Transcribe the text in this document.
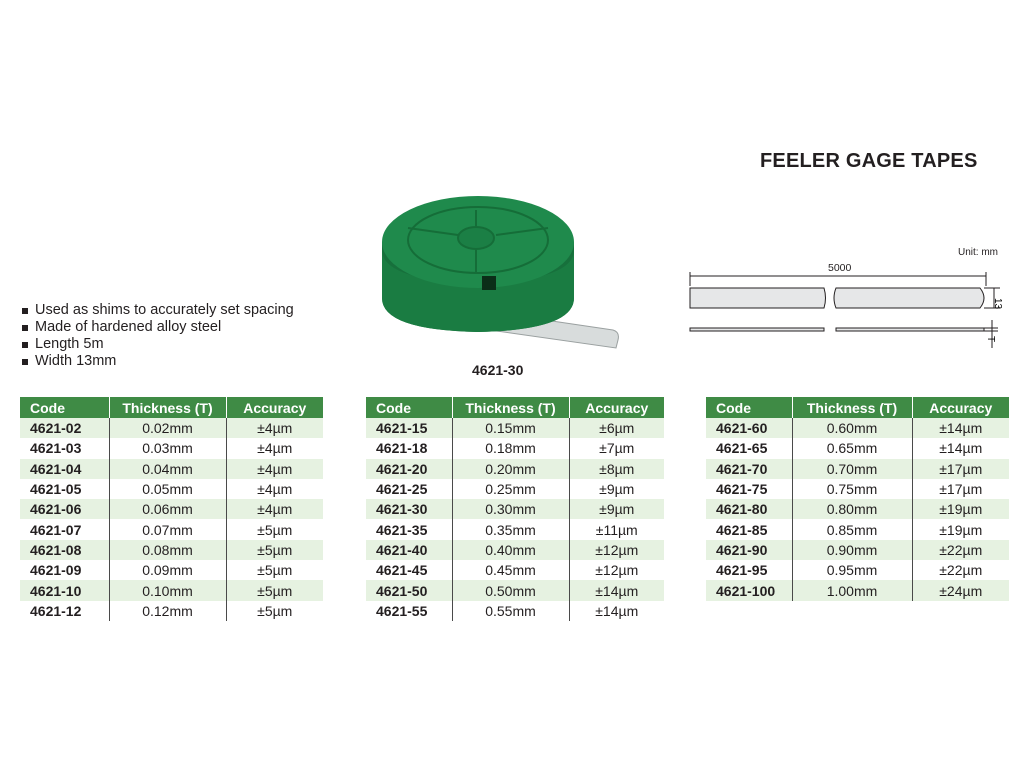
FEELER GAGE TAPES
Used as shims to accurately set spacing
Made of hardened alloy steel
Length 5m
Width 13mm
4621-30
Unit: mm
5000
13
T
Code	Thickness (T)	Accuracy
4621-02	0.02mm	±4µm
4621-03	0.03mm	±4µm
4621-04	0.04mm	±4µm
4621-05	0.05mm	±4µm
4621-06	0.06mm	±4µm
4621-07	0.07mm	±5µm
4621-08	0.08mm	±5µm
4621-09	0.09mm	±5µm
4621-10	0.10mm	±5µm
4621-12	0.12mm	±5µm
Code	Thickness (T)	Accuracy
4621-15	0.15mm	±6µm
4621-18	0.18mm	±7µm
4621-20	0.20mm	±8µm
4621-25	0.25mm	±9µm
4621-30	0.30mm	±9µm
4621-35	0.35mm	±11µm
4621-40	0.40mm	±12µm
4621-45	0.45mm	±12µm
4621-50	0.50mm	±14µm
4621-55	0.55mm	±14µm
Code	Thickness (T)	Accuracy
4621-60	0.60mm	±14µm
4621-65	0.65mm	±14µm
4621-70	0.70mm	±17µm
4621-75	0.75mm	±17µm
4621-80	0.80mm	±19µm
4621-85	0.85mm	±19µm
4621-90	0.90mm	±22µm
4621-95	0.95mm	±22µm
4621-100	1.00mm	±24µm
